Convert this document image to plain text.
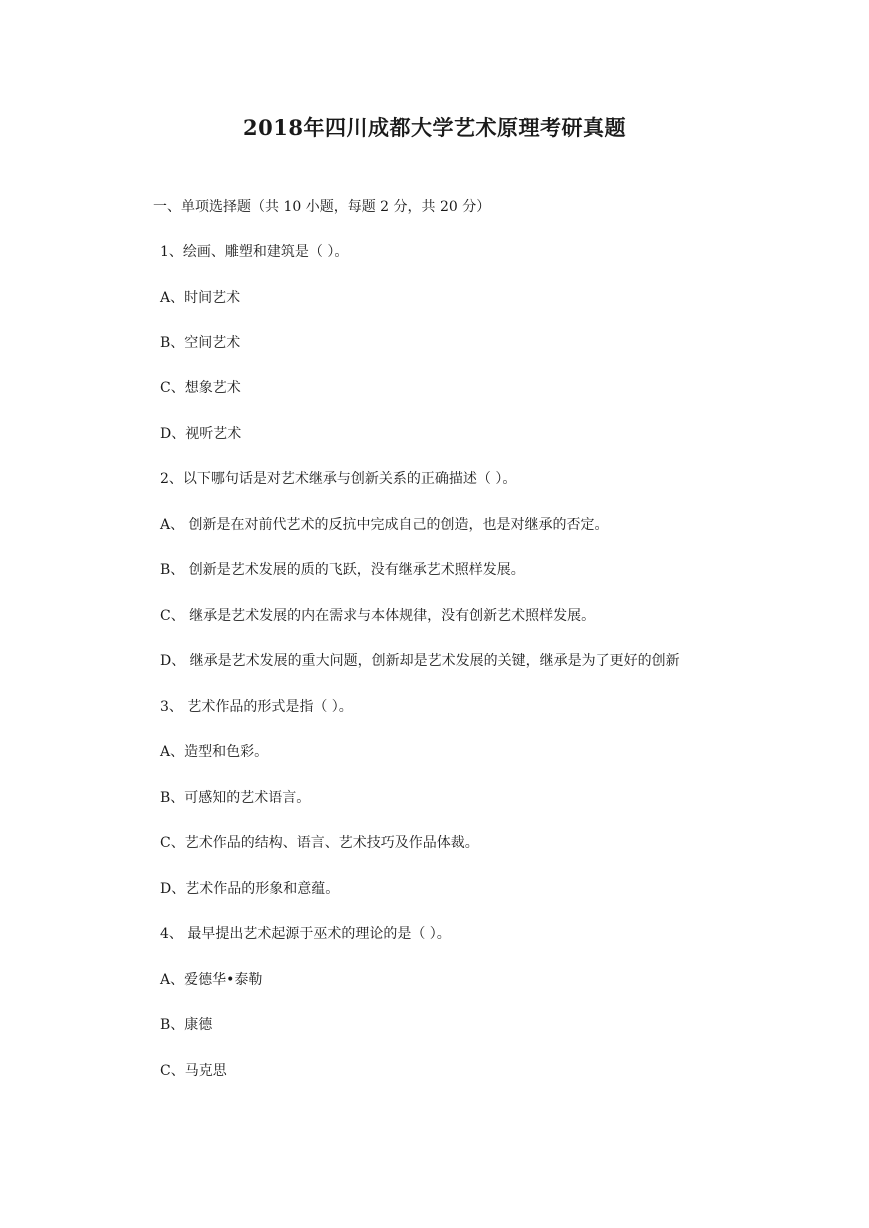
2018年四川成都大学艺术原理考研真题
一、单项选择题（共 10 小题，每题 2 分，共 20 分）
1、绘画、雕塑和建筑是（ ）。
A、时间艺术
B、空间艺术
C、想象艺术
D、视听艺术
2、以下哪句话是对艺术继承与创新关系的正确描述（ ）。
A、 创新是在对前代艺术的反抗中完成自己的创造，也是对继承的否定。
B、 创新是艺术发展的质的飞跃，没有继承艺术照样发展。
C、 继承是艺术发展的内在需求与本体规律，没有创新艺术照样发展。
D、 继承是艺术发展的重大问题，创新却是艺术发展的关键，继承是为了更好的创新
3、 艺术作品的形式是指（ ）。
A、造型和色彩。
B、可感知的艺术语言。
C、艺术作品的结构、语言、艺术技巧及作品体裁。
D、艺术作品的形象和意蕴。
4、 最早提出艺术起源于巫术的理论的是（ ）。
A、爱德华•泰勒
B、康德
C、马克思
